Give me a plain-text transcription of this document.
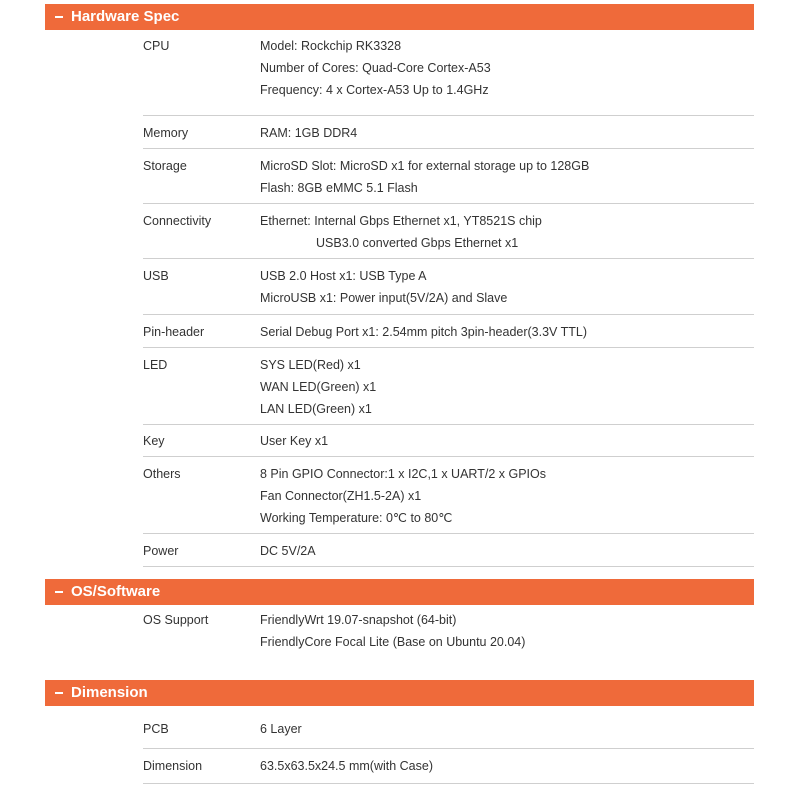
Hardware Spec
CPU	Model: Rockchip RK3328
Number of Cores: Quad-Core Cortex-A53
Frequency: 4 x Cortex-A53 Up to 1.4GHz
Memory	RAM: 1GB DDR4
Storage	MicroSD Slot: MicroSD x1 for external storage up to 128GB
Flash: 8GB eMMC 5.1 Flash
Connectivity	Ethernet: Internal Gbps Ethernet x1, YT8521S chip
USB3.0 converted Gbps Ethernet x1
USB	USB 2.0 Host x1: USB Type A
MicroUSB x1: Power input(5V/2A) and Slave
Pin-header	Serial Debug Port x1: 2.54mm pitch 3pin-header(3.3V TTL)
LED	SYS LED(Red) x1
WAN LED(Green) x1
LAN LED(Green) x1
Key	User Key x1
Others	8 Pin GPIO Connector:1 x I2C,1 x UART/2 x GPIOs
Fan Connector(ZH1.5-2A) x1
Working Temperature: 0℃ to 80℃
Power	DC 5V/2A
OS/Software
OS Support	FriendlyWrt 19.07-snapshot (64-bit)
FriendlyCore Focal Lite (Base on Ubuntu 20.04)
Dimension
PCB	6 Layer
Dimension	63.5x63.5x24.5 mm(with Case)
